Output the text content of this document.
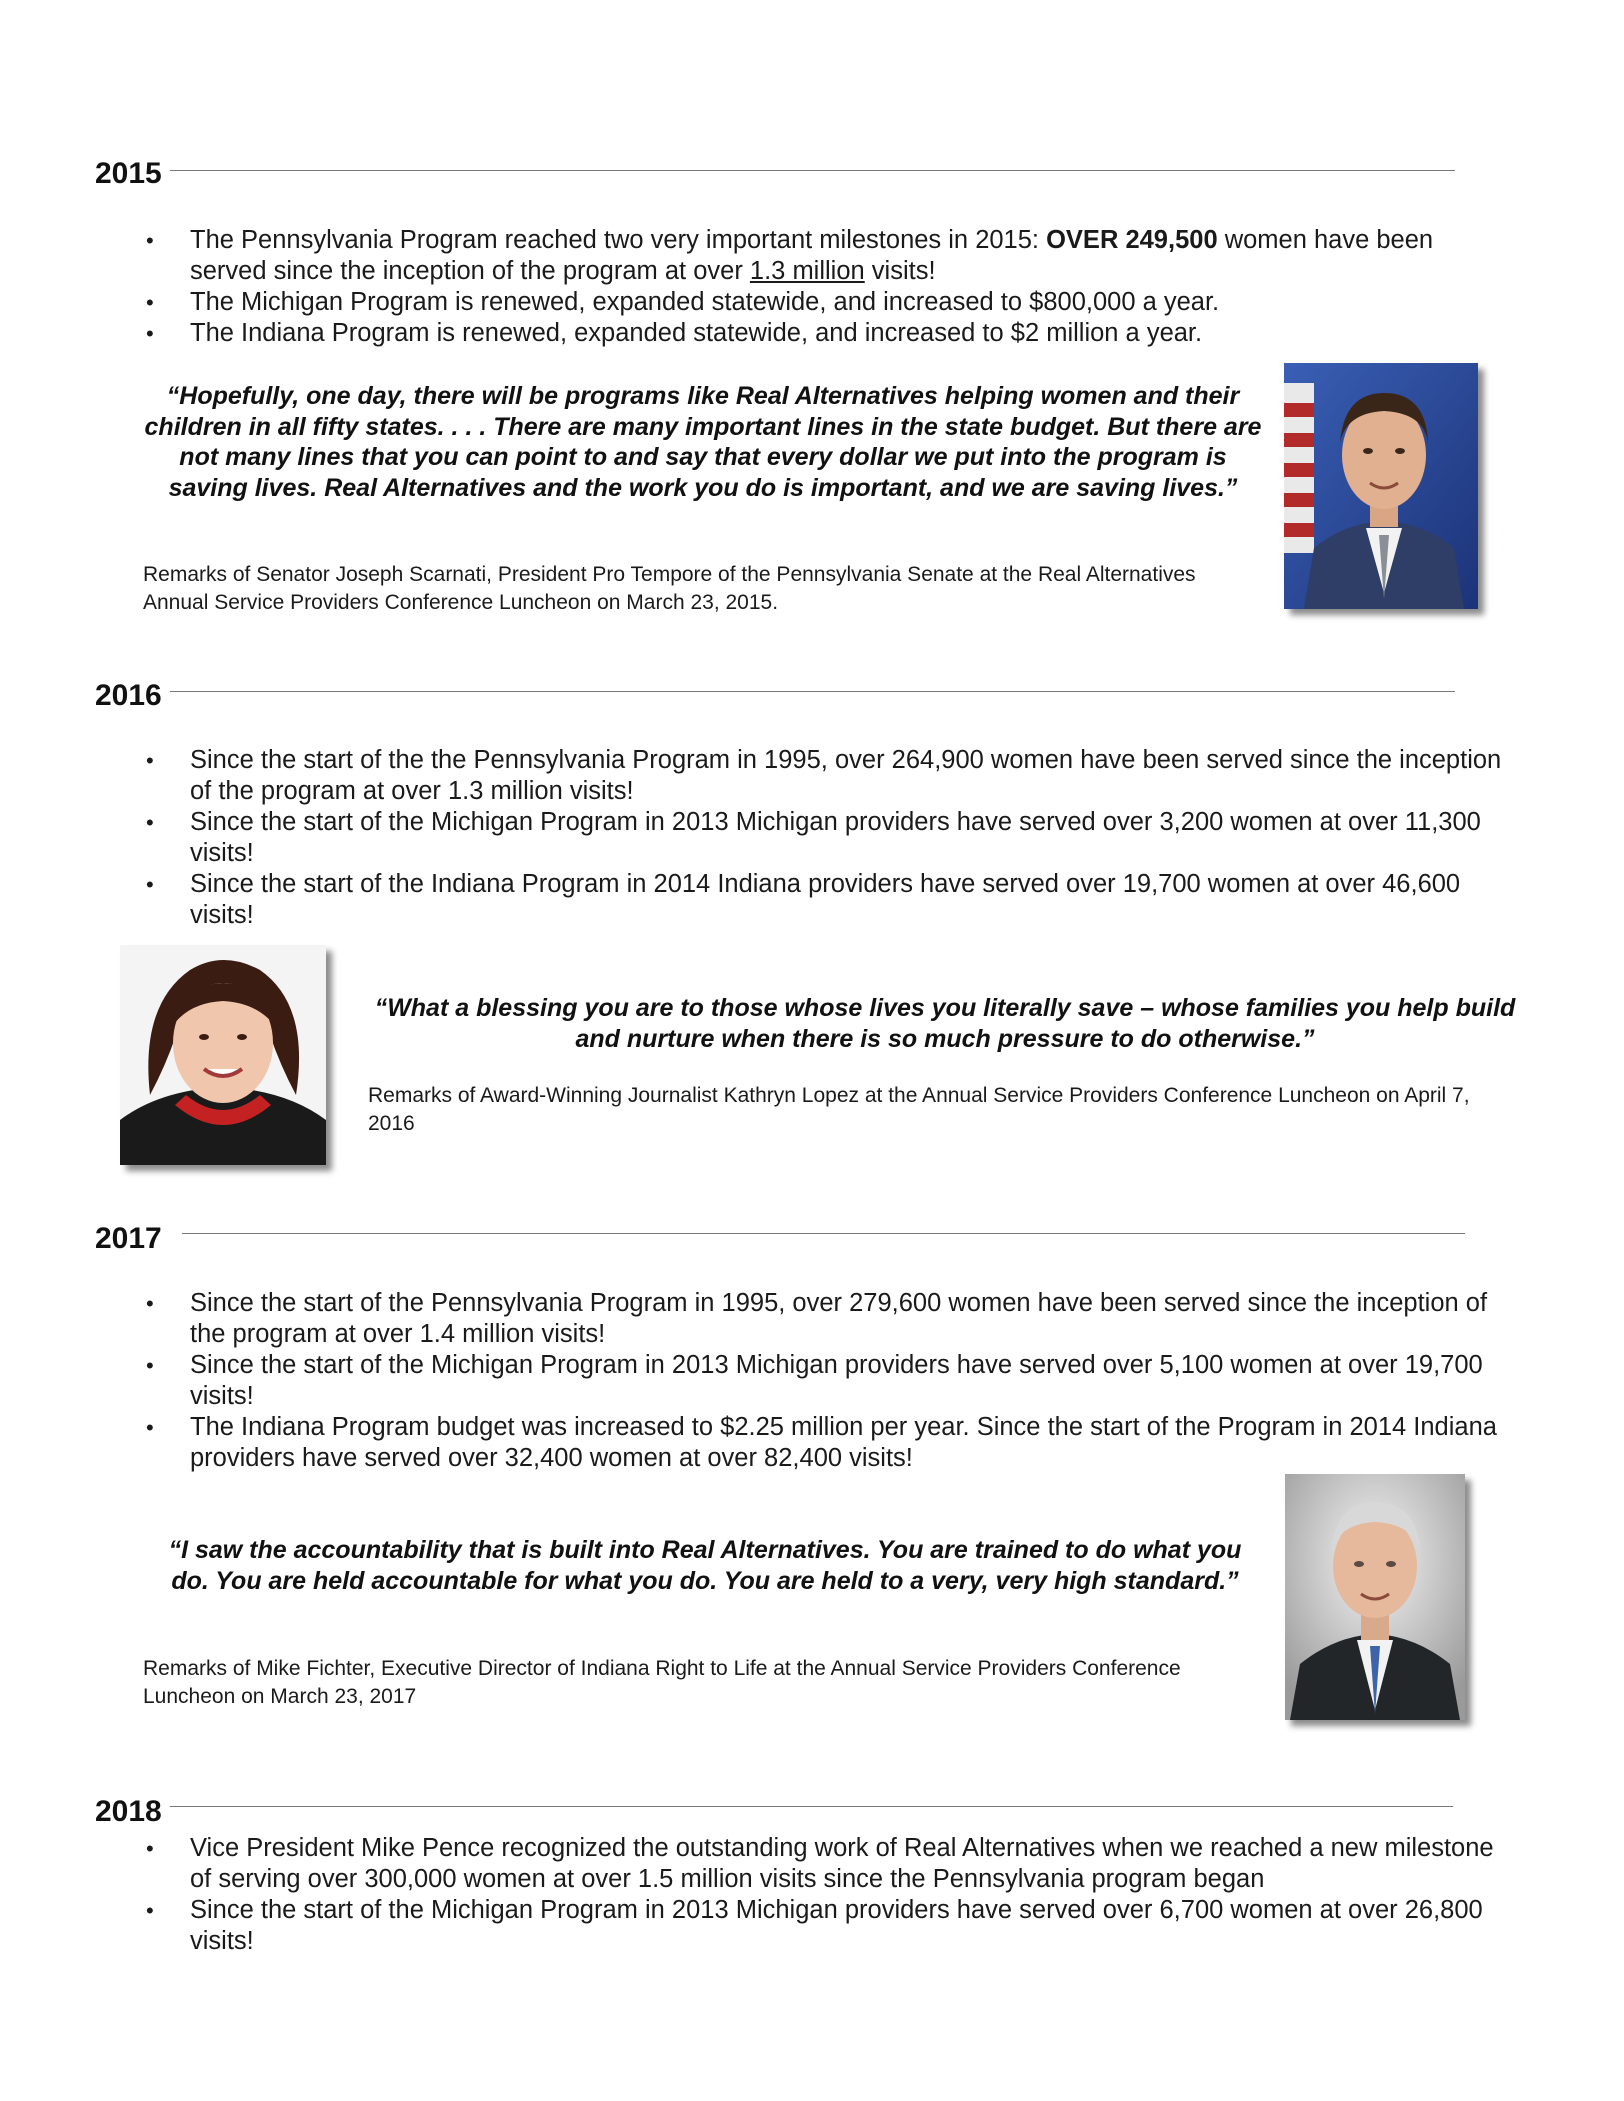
2015
• The Pennsylvania Program reached two very important milestones in 2015: OVER 249,500 women have been served since the inception of the program at over 1.3 million visits!
• The Michigan Program is renewed, expanded statewide, and increased to $800,000 a year.
• The Indiana Program is renewed, expanded statewide, and increased to $2 million a year.
“Hopefully, one day, there will be programs like Real Alternatives helping women and their children in all fifty states. . . . There are many important lines in the state budget. But there are not many lines that you can point to and say that every dollar we put into the program is saving lives. Real Alternatives and the work you do is important, and we are saving lives.”
Remarks of Senator Joseph Scarnati, President Pro Tempore of the Pennsylvania Senate at the Real Alternatives Annual Service Providers Conference Luncheon on March 23, 2015.
2016
• Since the start of the the Pennsylvania Program in 1995, over 264,900 women have been served since the inception of the program at over 1.3 million visits!
• Since the start of the Michigan Program in 2013 Michigan providers have served over 3,200 women at over 11,300 visits!
• Since the start of the Indiana Program in 2014 Indiana providers have served over 19,700 women at over 46,600 visits!
“What a blessing you are to those whose lives you literally save – whose families you help build and nurture when there is so much pressure to do otherwise.”
Remarks of Award-Winning Journalist Kathryn Lopez at the Annual Service Providers Conference Luncheon on April 7, 2016
2017
• Since the start of the Pennsylvania Program in 1995, over 279,600 women have been served since the inception of the program at over 1.4 million visits!
• Since the start of the Michigan Program in 2013 Michigan providers have served over 5,100 women at over 19,700 visits!
• The Indiana Program budget was increased to $2.25 million per year. Since the start of the Program in 2014 Indiana providers have served over 32,400 women at over 82,400 visits!
“I saw the accountability that is built into Real Alternatives. You are trained to do what you do. You are held accountable for what you do. You are held to a very, very high standard.”
Remarks of Mike Fichter, Executive Director of Indiana Right to Life at the Annual Service Providers Conference Luncheon on March 23, 2017
2018
• Vice President Mike Pence recognized the outstanding work of Real Alternatives when we reached a new milestone of serving over 300,000 women at over 1.5 million visits since the Pennsylvania program began
• Since the start of the Michigan Program in 2013 Michigan providers have served over 6,700 women at over 26,800 visits!
